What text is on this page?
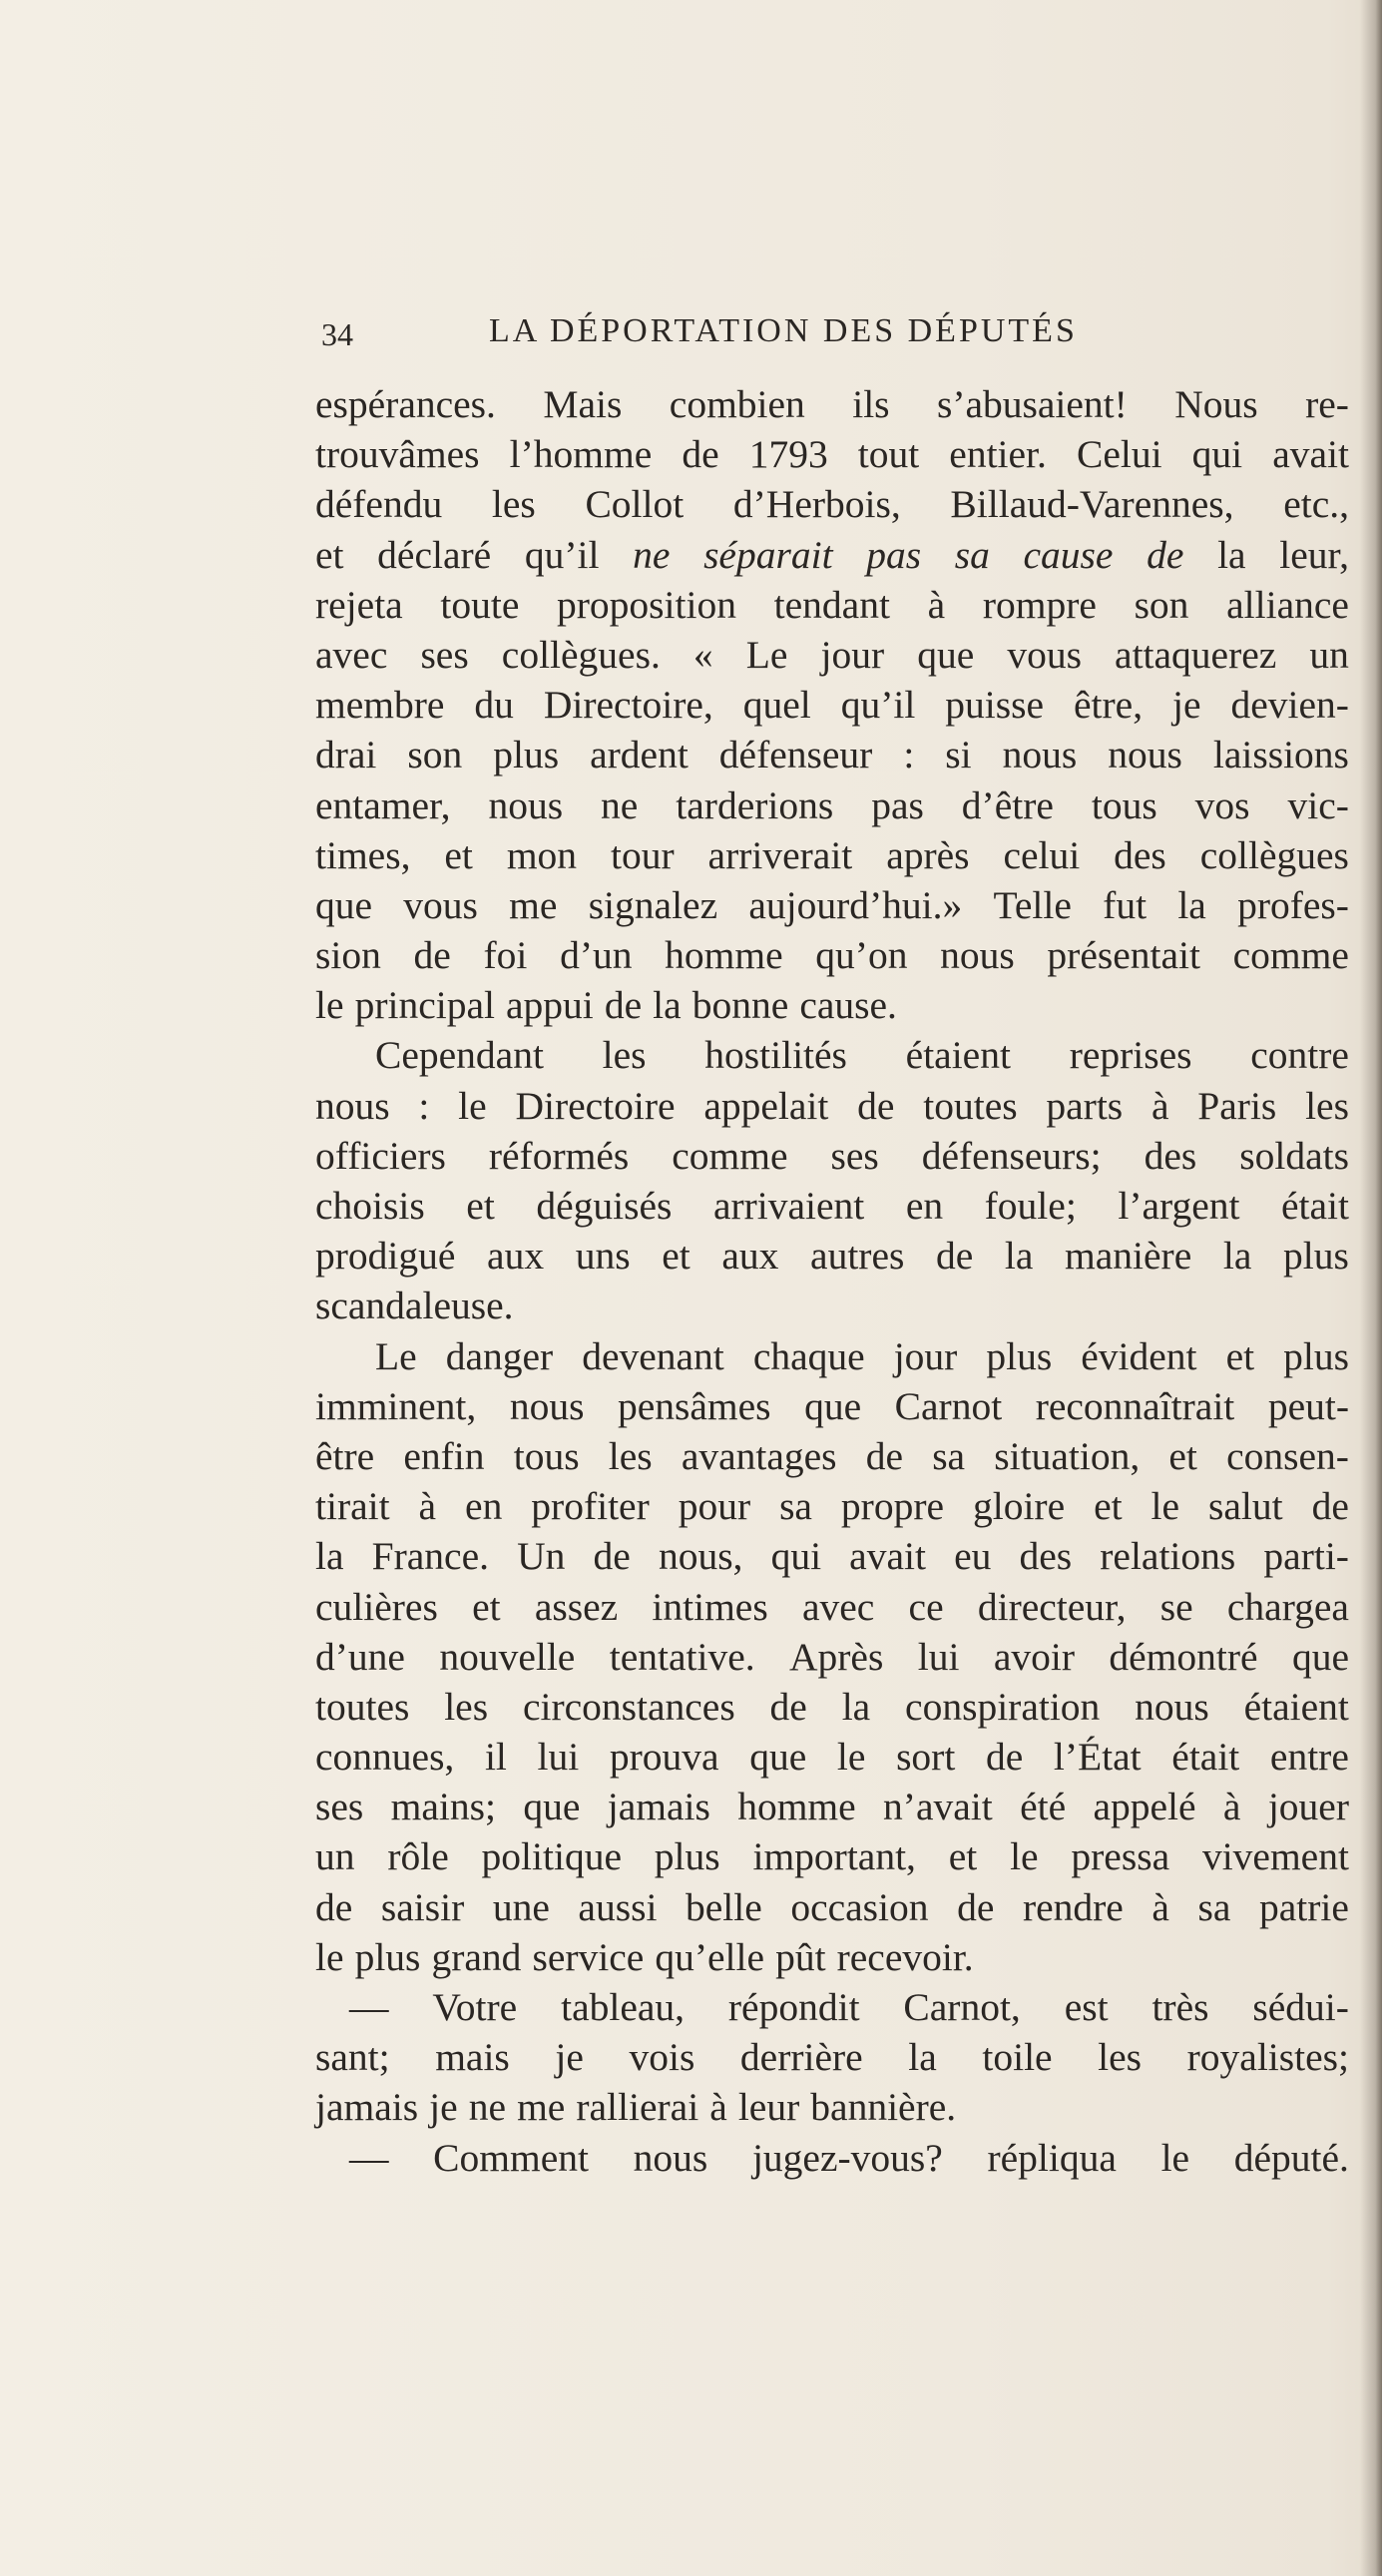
34	LA DÉPORTATION DES DÉPUTÉS
espérances. Mais combien ils s’abusaient! Nous re-
trouvâmes l’homme de 1793 tout entier. Celui qui avait
défendu les Collot d’Herbois, Billaud-Varennes, etc.,
et déclaré qu’il ne séparait pas sa cause de la leur,
rejeta toute proposition tendant à rompre son alliance
avec ses collègues. « Le jour que vous attaquerez un
membre du Directoire, quel qu’il puisse être, je devien-
drai son plus ardent défenseur : si nous nous laissions
entamer, nous ne tarderions pas d’être tous vos vic-
times, et mon tour arriverait après celui des collègues
que vous me signalez aujourd’hui.» Telle fut la profes-
sion de foi d’un homme qu’on nous présentait comme
le principal appui de la bonne cause.
Cependant les hostilités étaient reprises contre
nous : le Directoire appelait de toutes parts à Paris les
officiers réformés comme ses défenseurs; des soldats
choisis et déguisés arrivaient en foule; l’argent était
prodigué aux uns et aux autres de la manière la plus
scandaleuse.
Le danger devenant chaque jour plus évident et plus
imminent, nous pensâmes que Carnot reconnaîtrait peut-
être enfin tous les avantages de sa situation, et consen-
tirait à en profiter pour sa propre gloire et le salut de
la France. Un de nous, qui avait eu des relations parti-
culières et assez intimes avec ce directeur, se chargea
d’une nouvelle tentative. Après lui avoir démontré que
toutes les circonstances de la conspiration nous étaient
connues, il lui prouva que le sort de l’État était entre
ses mains; que jamais homme n’avait été appelé à jouer
un rôle politique plus important, et le pressa vivement
de saisir une aussi belle occasion de rendre à sa patrie
le plus grand service qu’elle pût recevoir.
— Votre tableau, répondit Carnot, est très sédui-
sant; mais je vois derrière la toile les royalistes;
jamais je ne me rallierai à leur bannière.
— Comment nous jugez-vous? répliqua le député.
